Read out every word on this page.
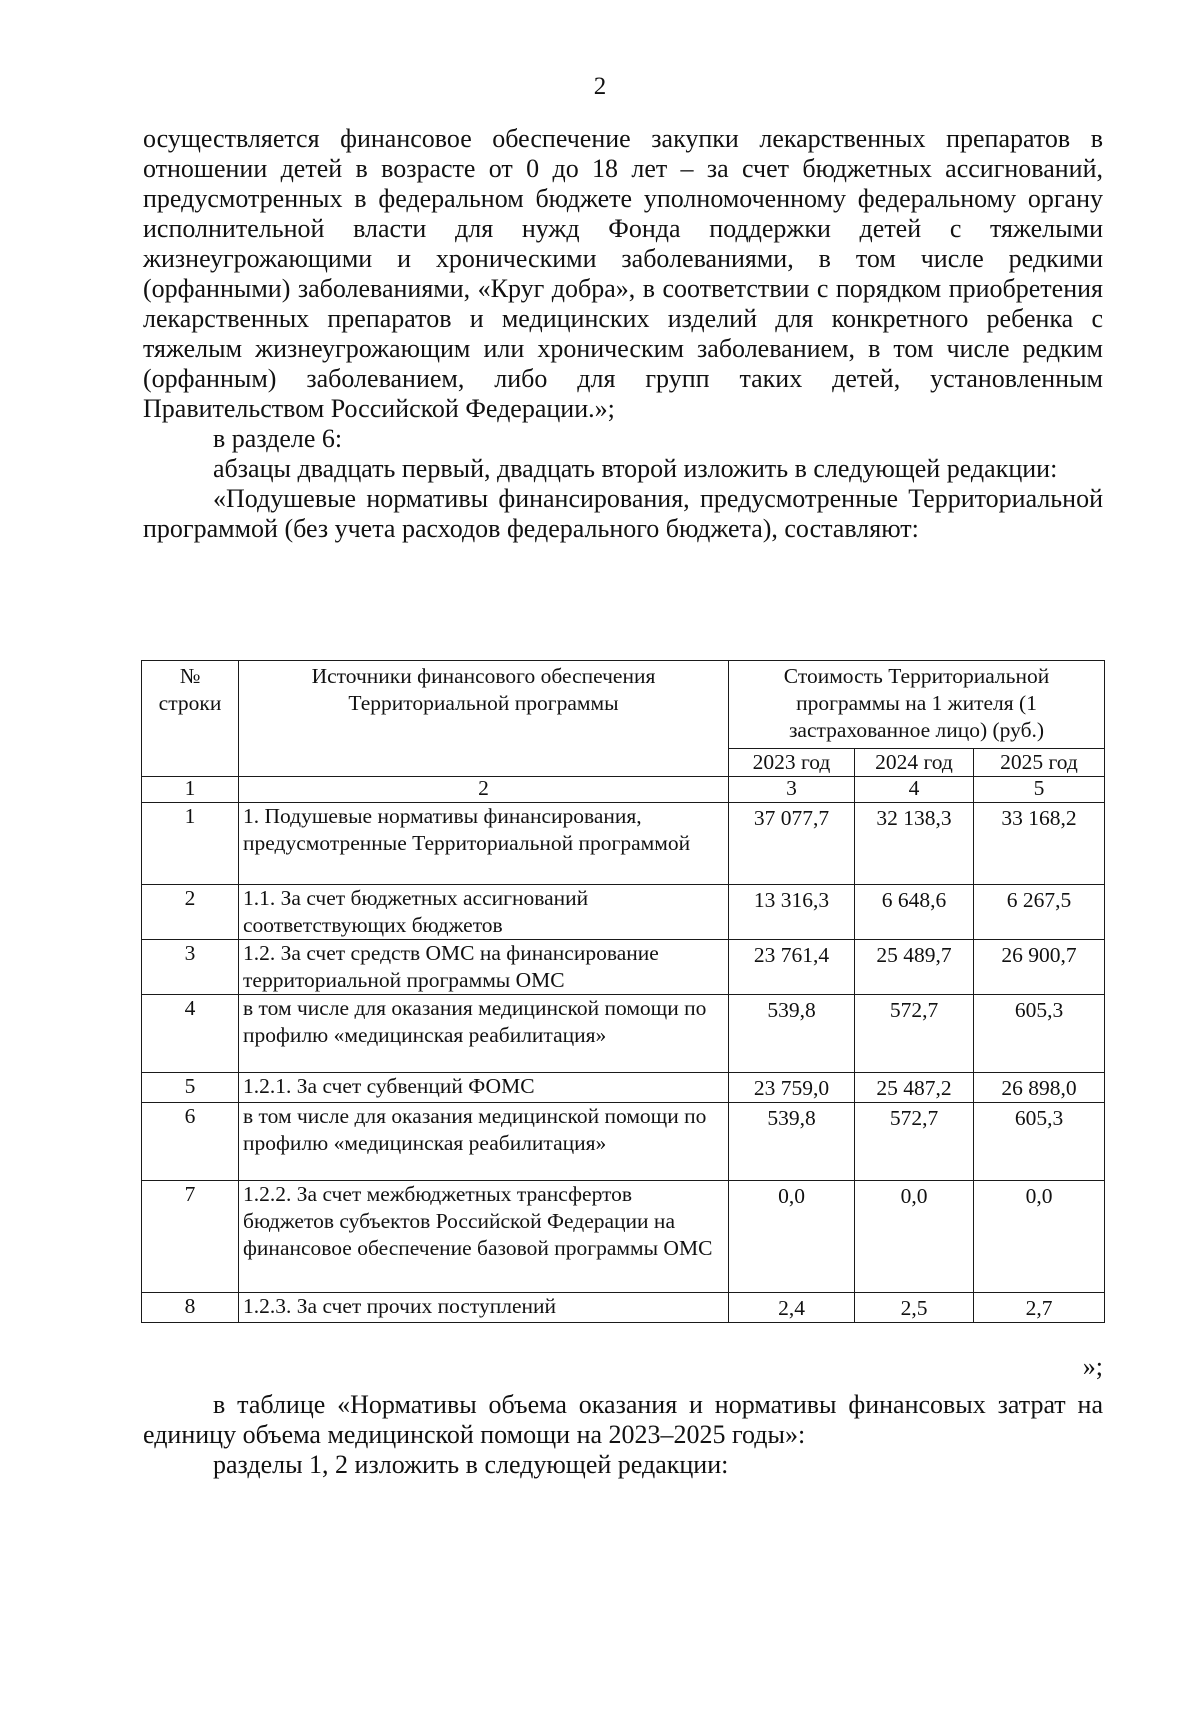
2

осуществляется финансовое обеспечение закупки лекарственных препаратов в отношении детей в возрасте от 0 до 18 лет – за счет бюджетных ассигнований, предусмотренных в федеральном бюджете уполномоченному федеральному органу исполнительной власти для нужд Фонда поддержки детей с тяжелыми жизнеугрожающими и хроническими заболеваниями, в том числе редкими (орфанными) заболеваниями, «Круг добра», в соответствии с порядком приобретения лекарственных препаратов и медицинских изделий для конкретного ребенка с тяжелым жизнеугрожающим или хроническим заболеванием, в том числе редким (орфанным) заболеванием, либо для групп таких детей, установленным Правительством Российской Федерации.»;

в разделе 6:

абзацы двадцать первый, двадцать второй изложить в следующей редакции:

«Подушевые нормативы финансирования, предусмотренные Территориальной программой (без учета расходов федерального бюджета), составляют:

№ строки	Источники финансового обеспечения Территориальной программы	Стоимость Территориальной программы на 1 жителя (1 застрахованное лицо) (руб.)		
		2023 год	2024 год	2025 год
1	2	3	4	5
1	1. Подушевые нормативы финансирования, предусмотренные Территориальной программой	37 077,7	32 138,3	33 168,2
2	1.1. За счет бюджетных ассигнований соответствующих бюджетов	13 316,3	6 648,6	6 267,5
3	1.2. За счет средств ОМС на финансирование территориальной программы ОМС	23 761,4	25 489,7	26 900,7
4	в том числе для оказания медицинской помощи по профилю «медицинская реабилитация»	539,8	572,7	605,3
5	1.2.1. За счет субвенций ФОМС	23 759,0	25 487,2	26 898,0
6	в том числе для оказания медицинской помощи по профилю «медицинская реабилитация»	539,8	572,7	605,3
7	1.2.2. За счет межбюджетных трансфертов бюджетов субъектов Российской Федерации на финансовое обеспечение базовой программы ОМС	0,0	0,0	0,0
8	1.2.3. За счет прочих поступлений	2,4	2,5	2,7
»;

в таблице «Нормативы объема оказания и нормативы финансовых затрат на единицу объема медицинской помощи на 2023–2025 годы»:

разделы 1, 2 изложить в следующей редакции:
